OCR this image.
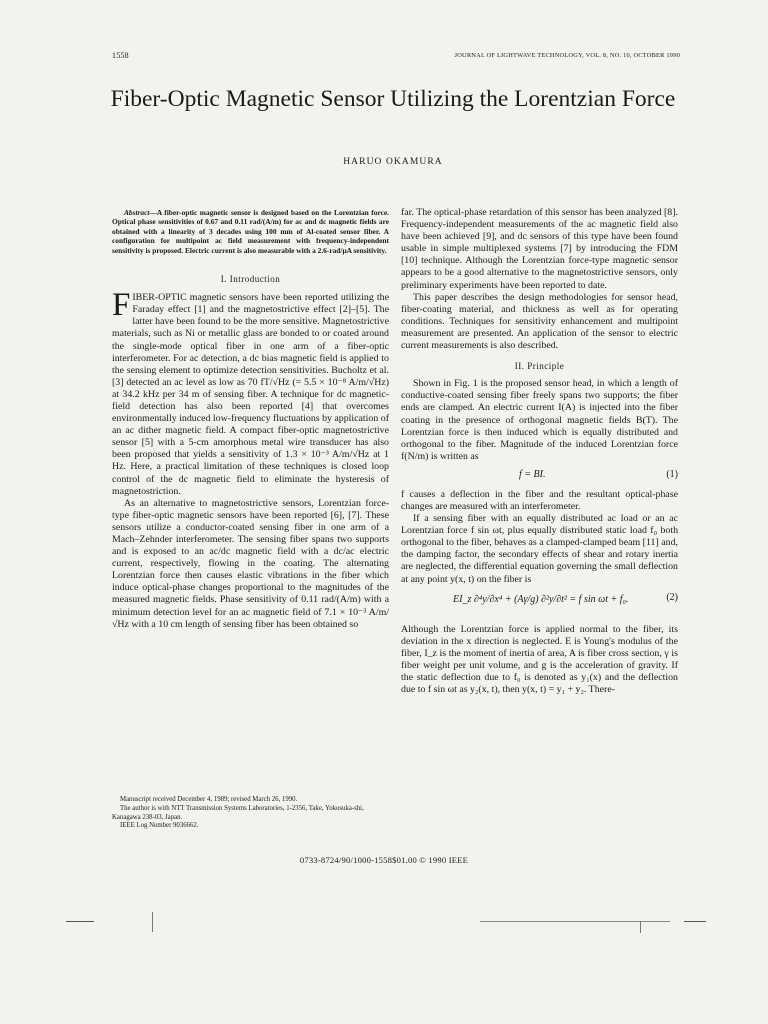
1558	JOURNAL OF LIGHTWAVE TECHNOLOGY, VOL. 8, NO. 10, OCTOBER 1990
Fiber-Optic Magnetic Sensor Utilizing the Lorentzian Force
HARUO OKAMURA

Abstract—A fiber-optic magnetic sensor is designed based on the Lorentzian force. Optical phase sensitivities of 0.67 and 0.11 rad/(A/m) for ac and dc magnetic fields are obtained with a linearity of 3 decades using 100 mm of Al-coated sensor fiber. A configuration for multipoint ac field measurement with frequency-independent sensitivity is proposed. Electric current is also measurable with a 2.6-rad/μA sensitivity.

I. Introduction

FIBER-OPTIC magnetic sensors have been reported utilizing the Faraday effect [1] and the magnetostrictive effect [2]–[5]. The latter have been found to be the more sensitive. Magnetostrictive materials, such as Ni or metallic glass are bonded to or coated around the single-mode optical fiber in one arm of a fiber-optic interferometer. For ac detection, a dc bias magnetic field is applied to the sensing element to optimize detection sensitivities. Bucholtz et al. [3] detected an ac level as low as 70 fT/√Hz (= 5.5 × 10⁻⁸ A/m/√Hz) at 34.2 kHz per 34 m of sensing fiber. A technique for dc magnetic-field detection has also been reported [4] that overcomes environmentally induced low-frequency fluctuations by application of an ac dither magnetic field. A compact fiber-optic magnetostrictive sensor [5] with a 5-cm amorphous metal wire transducer has also been proposed that yields a sensitivity of 1.3 × 10⁻³ A/m/√Hz at 1 Hz. Here, a practical limitation of these techniques is closed loop control of the dc magnetic field to eliminate the hysteresis of magnetostriction.

As an alternative to magnetostrictive sensors, Lorentzian force-type fiber-optic magnetic sensors have been reported [6], [7]. These sensors utilize a conductor-coated sensing fiber in one arm of a Mach–Zehnder interferometer. The sensing fiber spans two supports and is exposed to an ac/dc magnetic field with a dc/ac electric current, respectively, flowing in the coating. The alternating Lorentzian force then causes elastic vibrations in the fiber which induce optical-phase changes proportional to the magnitudes of the measured magnetic fields. Phase sensitivity of 0.11 rad/(A/m) with a minimum detection level for an ac magnetic field of 7.1 × 10⁻³ A/m/√Hz with a 10 cm length of sensing fiber has been obtained so

far. The optical-phase retardation of this sensor has been analyzed [8]. Frequency-independent measurements of the ac magnetic field also have been achieved [9], and dc sensors of this type have been found usable in simple multiplexed systems [7] by introducing the FDM [10] technique. Although the Lorentzian force-type magnetic sensor appears to be a good alternative to the magnetostrictive sensors, only preliminary experiments have been reported to date.

This paper describes the design methodologies for sensor head, fiber-coating material, and thickness as well as for operating conditions. Techniques for sensitivity enhancement and multipoint measurement are presented. An application of the sensor to electric current measurements is also described.

II. Principle

Shown in Fig. 1 is the proposed sensor head, in which a length of conductive-coated sensing fiber freely spans two supports; the fiber ends are clamped. An electric current I(A) is injected into the fiber coating in the presence of orthogonal magnetic fields B(T). The Lorentzian force is then induced which is equally distributed and orthogonal to the fiber. Magnitude of the induced Lorentzian force f(N/m) is written as

f = BI.	(1)

f causes a deflection in the fiber and the resultant optical-phase changes are measured with an interferometer.

If a sensing fiber with an equally distributed ac load or an ac Lorentzian force f sin ωt, plus equally distributed static load f₀ both orthogonal to the fiber, behaves as a clamped-clamped beam [11] and, the damping factor, the secondary effects of shear and rotary inertia are neglected, the differential equation governing the small deflection at any point y(x, t) on the fiber is

EI_z ∂⁴y/∂x⁴ + (Aγ/g) ∂²y/∂t² = f sin ωt + f₀.	(2)

Although the Lorentzian force is applied normal to the fiber, its deviation in the x direction is neglected. E is Young's modulus of the fiber, I_z is the moment of inertia of area, A is fiber cross section, γ is fiber weight per unit volume, and g is the acceleration of gravity. If the static deflection due to f₀ is denoted as y₁(x) and the deflection due to f sin ωt as y₂(x, t), then y(x, t) = y₁ + y₂. There-

Manuscript received December 4, 1989; revised March 26, 1990.
The author is with NTT Transmission Systems Laboratories, 1-2356, Take, Yokosuka-shi, Kanagawa 238-03, Japan.
IEEE Log Number 9036662.
0733-8724/90/1000-1558$01.00 © 1990 IEEE
